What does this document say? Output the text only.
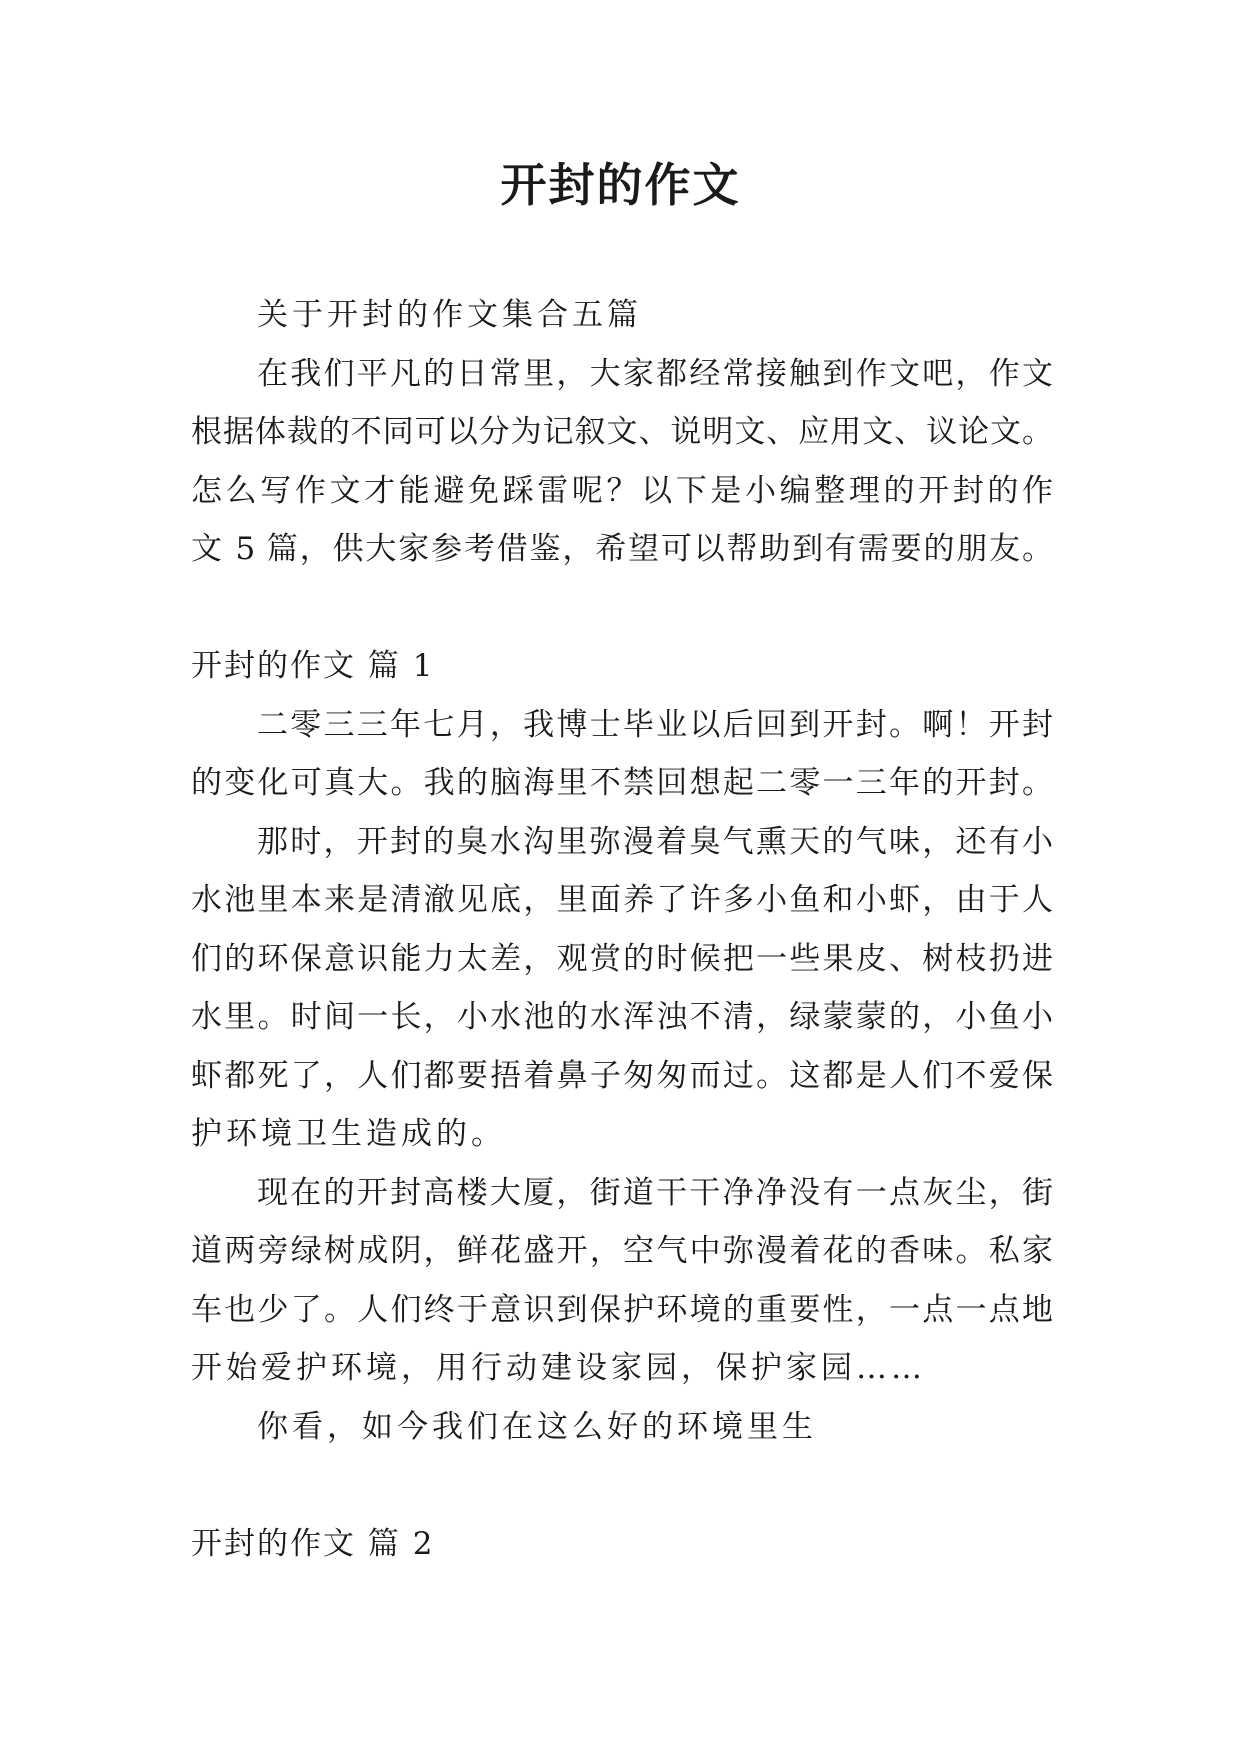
开封的作文
关于开封的作文集合五篇
在我们平凡的日常里，大家都经常接触到作文吧，作文
根据体裁的不同可以分为记叙文、说明文、应用文、议论文。
怎么写作文才能避免踩雷呢？以下是小编整理的开封的作
文 5 篇，供大家参考借鉴，希望可以帮助到有需要的朋友。
开封的作文 篇 1
二零三三年七月，我博士毕业以后回到开封。啊！开封
的变化可真大。我的脑海里不禁回想起二零一三年的开封。
那时，开封的臭水沟里弥漫着臭气熏天的气味，还有小
水池里本来是清澈见底，里面养了许多小鱼和小虾，由于人
们的环保意识能力太差，观赏的时候把一些果皮、树枝扔进
水里。时间一长，小水池的水浑浊不清，绿蒙蒙的，小鱼小
虾都死了，人们都要捂着鼻子匆匆而过。这都是人们不爱保
护环境卫生造成的。
现在的开封高楼大厦，街道干干净净没有一点灰尘，街
道两旁绿树成阴，鲜花盛开，空气中弥漫着花的香味。私家
车也少了。人们终于意识到保护环境的重要性，一点一点地
开始爱护环境，用行动建设家园，保护家园……
你看，如今我们在这么好的环境里生
开封的作文 篇 2
